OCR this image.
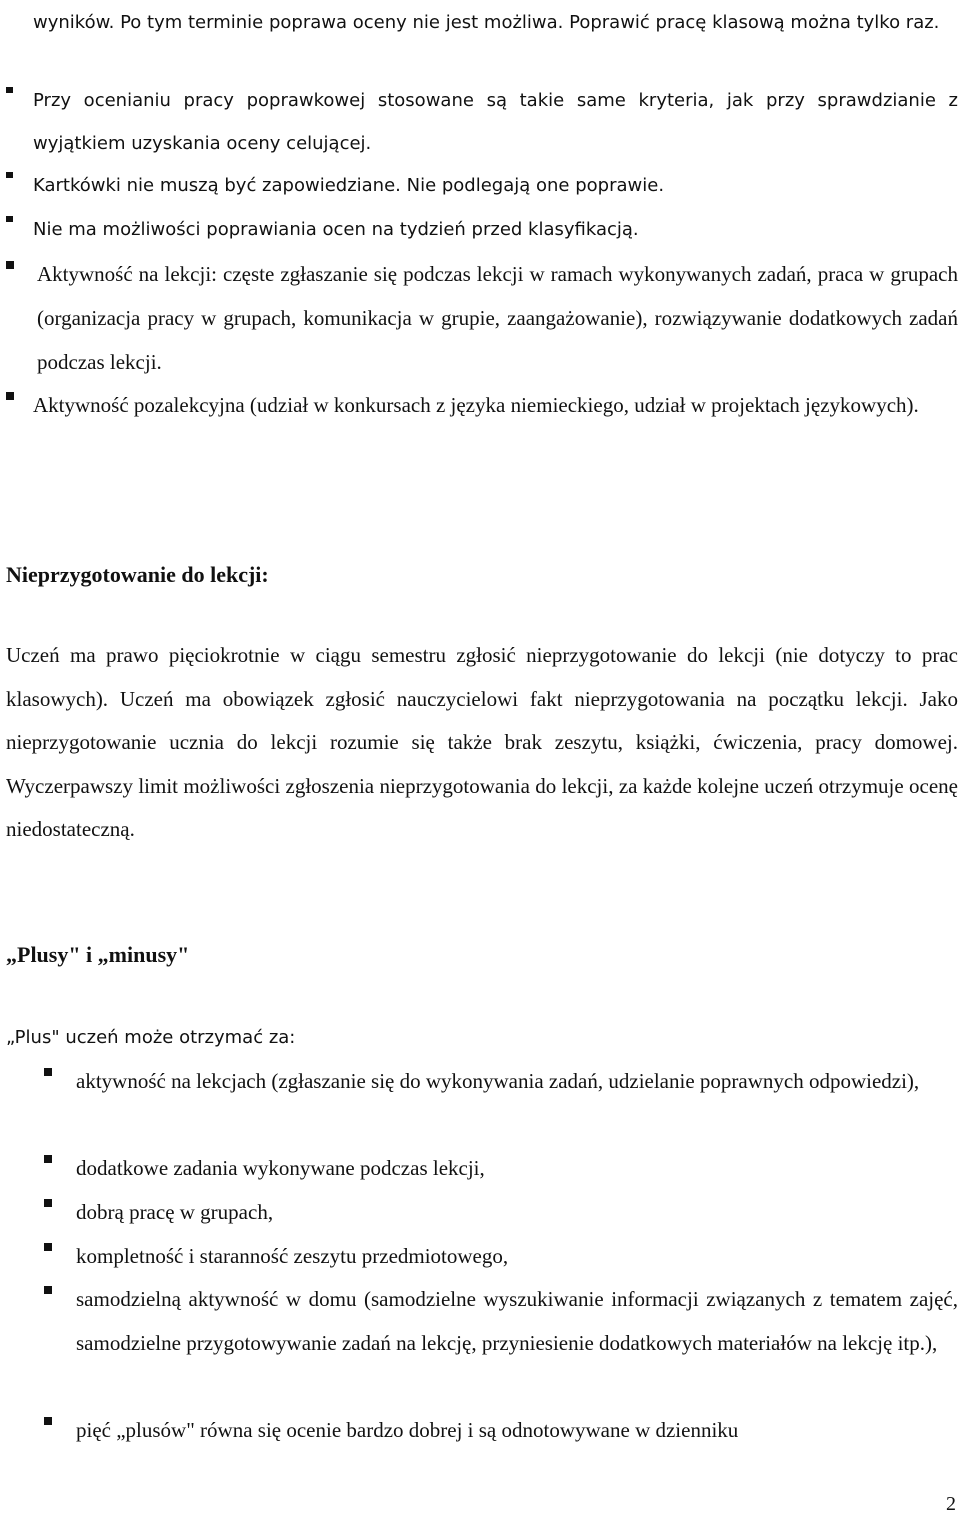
wyników. Po tym terminie poprawa oceny nie jest możliwa. Poprawić pracę klasową można tylko raz.

Przy ocenianiu pracy poprawkowej stosowane są takie same kryteria, jak przy sprawdzianie z wyjątkiem uzyskania oceny celującej.

Kartkówki nie muszą być zapowiedziane. Nie podlegają one poprawie.

Nie ma możliwości poprawiania ocen na tydzień przed klasyfikacją.

Aktywność na lekcji: częste zgłaszanie się podczas lekcji w ramach wykonywanych zadań, praca w grupach (organizacja pracy w grupach, komunikacja w grupie, zaangażowanie), rozwiązywanie dodatkowych zadań podczas lekcji.

Aktywność pozalekcyjna (udział w konkursach z języka niemieckiego, udział w projektach językowych).

Nieprzygotowanie do lekcji:

Uczeń ma prawo pięciokrotnie w ciągu semestru zgłosić nieprzygotowanie do lekcji (nie dotyczy to prac klasowych). Uczeń ma obowiązek zgłosić nauczycielowi fakt nieprzygotowania na początku lekcji. Jako nieprzygotowanie ucznia do lekcji rozumie się także brak zeszytu, książki, ćwiczenia, pracy domowej. Wyczerpawszy limit możliwości zgłoszenia nieprzygotowania do lekcji, za każde kolejne uczeń otrzymuje ocenę niedostateczną.

„Plusy" i „minusy"

„Plus" uczeń może otrzymać za:

aktywność na lekcjach (zgłaszanie się do wykonywania zadań, udzielanie poprawnych odpowiedzi),

dodatkowe zadania wykonywane podczas lekcji,

dobrą pracę w grupach,

kompletność i staranność zeszytu przedmiotowego,

samodzielną aktywność w domu (samodzielne wyszukiwanie informacji związanych z tematem zajęć, samodzielne przygotowywanie zadań na lekcję, przyniesienie dodatkowych materiałów na lekcję itp.),

pięć „plusów" równa się ocenie bardzo dobrej i są odnotowywane w dzienniku

2
